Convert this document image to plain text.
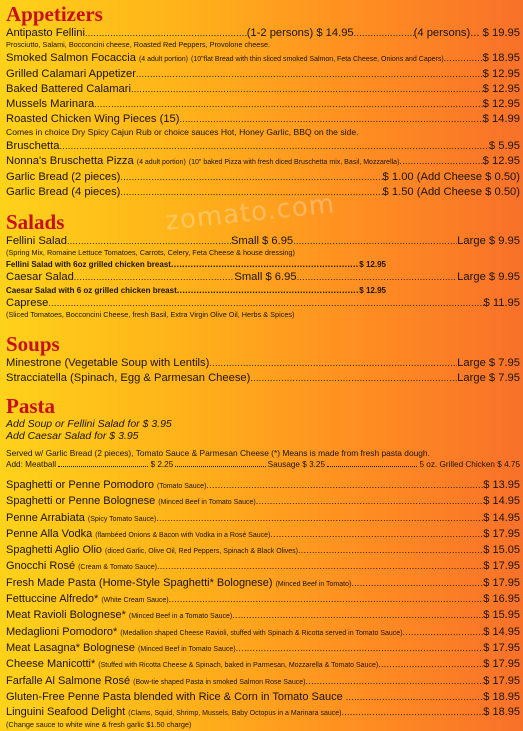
zomato.com
Appetizers
Antipasto Fellini .....	(1-2 persons) $ 14.95 .....	(4 persons)... $ 19.95
Prosciutto, Salami, Bocconcini cheese, Roasted Red Peppers, Provolone cheese.
Smoked Salmon Focaccia (4 adult portion) (10"flat Bread with thin sliced smoked Salmon, Feta Cheese, Onions and Capers) .....	$ 18.95
Grilled Calamari Appetizer .....	$ 12.95
Baked Battered Calamari .....	$ 12.95
Mussels Marinara .....	$ 12.95
Roasted Chicken Wing Pieces (15) .....	$ 14.99
Comes in choice Dry Spicy Cajun Rub or choice sauces Hot, Honey Garlic, BBQ on the side.
Bruschetta .....	$ 5.95
Nonna's Bruschetta Pizza (4 adult portion) (10" baked Pizza with fresh diced Bruschetta mix, Basil, Mozzarella) .....	$ 12.95
Garlic Bread (2 pieces) .....	$ 1.00 (Add Cheese $ 0.50)
Garlic Bread (4 pieces) .....	$ 1.50 (Add Cheese $ 0.50)
Salads
Fellini Salad .....	Small $ 6.95 .....	Large $ 9.95
(Spring Mix, Romaine Lettuce Tomatoes, Carrots, Celery, Feta Cheese & house dressing)
Fellini Salad with 6oz grilled chicken breast .....	$ 12.95
Caesar Salad .....	Small $ 6.95 .....	Large $ 9.95
Caesar Salad with 6 oz grilled chicken breast .....	$ 12.95
Caprese .....	$ 11.95
(Sliced Tomatoes, Bocconcini Cheese, fresh Basil, Extra Virgin Olive Oil, Herbs & Spices)
Soups
Minestrone (Vegetable Soup with Lentils) .....	Large $ 7.95
Stracciatella (Spinach, Egg & Parmesan Cheese) .....	Large $ 7.95
Pasta
Add Soup or Fellini Salad for $ 3.95
Add Caesar Salad for $ 3.95
Served w/ Garlic Bread (2 pieces), Tomato Sauce & Parmesan Cheese (*) Means is made from fresh pasta dough.
Add:
Meatball	$ 2.25	Sausage $ 3.25	5 oz. Grilled Chicken $ 4.75
Spaghetti or Penne Pomodoro (Tomato Sauce) .....	$ 13.95
Spaghetti or Penne Bolognese (Minced Beef in Tomato Sauce) .....	$ 14.95
Penne Arrabiata (Spicy Tomato Sauce) .....	$ 14.95
Penne Alla Vodka (flambéed Onions & Bacon with Vodka in a Rosé Sauce) .....	$ 17.95
Spaghetti Aglio Olio (diced Garlic, Olive Oil, Red Peppers, Spinach & Black Olives) .....	$ 15.05
Gnocchi Rosé (Cream & Tomato Sauce) .....	$ 17.95
Fresh Made Pasta (Home-Style Spaghetti* Bolognese) (Minced Beef in Tomato) .....	$ 17.95
Fettuccine Alfredo* (White Cream Sauce) .....	$ 16.95
Meat Ravioli Bolognese* (Minced Beef in a Tomato Sauce) .....	$ 15.95
Medaglioni Pomodoro* (Medallion shaped Cheese Ravioli, stuffed with Spinach & Ricotta served in Tomato Sauce) .....	$ 14.95
Meat Lasagna* Bolognese (Minced Beef in Tomato Sauce) .....	$ 17.95
Cheese Manicotti* (Stuffed with Ricotta Cheese & Spinach, baked in Parmesan, Mozzarella & Tomato Sauce) .....	$ 17.95
Farfalle Al Salmone Rosé (Bow-tie shaped Pasta in smoked Salmon Rose Sauce) .....	$ 17.95
Gluten-Free Penne Pasta blended with Rice & Corn in Tomato Sauce .....	$ 18.95
Linguini Seafood Delight (Clams, Squid, Shrimp, Mussels, Baby Octopus in a Marinara sauce) .....	$ 18.95
(Change sauce to white wine & fresh garlic $1.50 charge)
